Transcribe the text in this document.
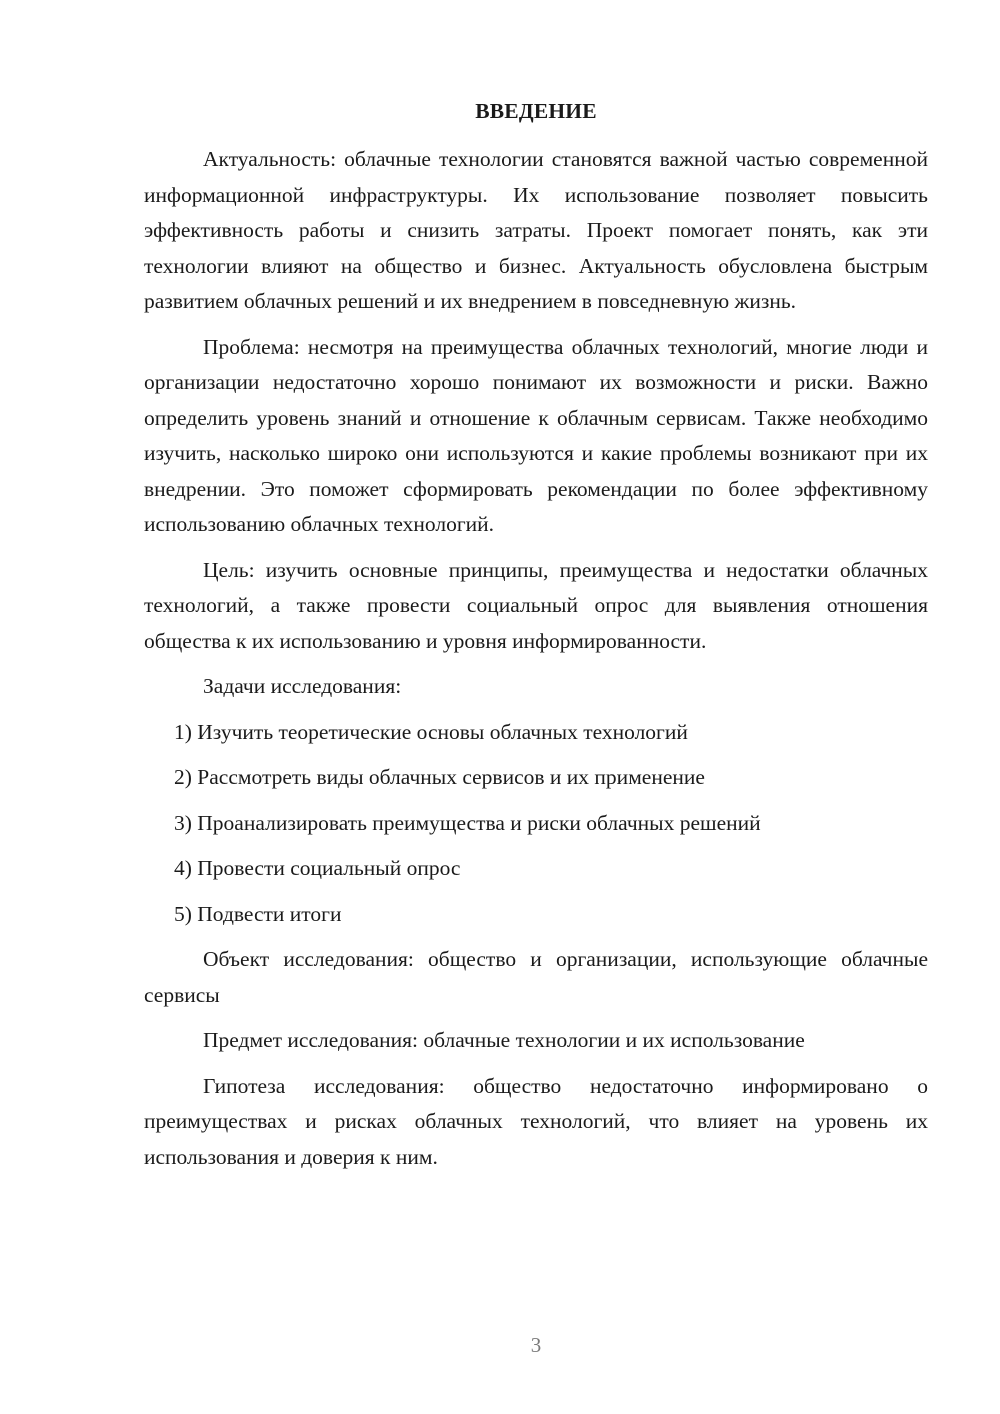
ВВЕДЕНИЕ

Актуальность: облачные технологии становятся важной частью современной информационной инфраструктуры. Их использование позволяет повысить эффективность работы и снизить затраты. Проект помогает понять, как эти технологии влияют на общество и бизнес. Актуальность обусловлена быстрым развитием облачных решений и их внедрением в повседневную жизнь.

Проблема: несмотря на преимущества облачных технологий, многие люди и организации недостаточно хорошо понимают их возможности и риски. Важно определить уровень знаний и отношение к облачным сервисам. Также необходимо изучить, насколько широко они используются и какие проблемы возникают при их внедрении. Это поможет сформировать рекомендации по более эффективному использованию облачных технологий.

Цель: изучить основные принципы, преимущества и недостатки облачных технологий, а также провести социальный опрос для выявления отношения общества к их использованию и уровня информированности.

Задачи исследования:

1) Изучить теоретические основы облачных технологий
2) Рассмотреть виды облачных сервисов и их применение
3) Проанализировать преимущества и риски облачных решений
4) Провести социальный опрос
5) Подвести итоги

Объект исследования: общество и организации, использующие облачные сервисы

Предмет исследования: облачные технологии и их использование

Гипотеза исследования: общество недостаточно информировано о преимуществах и рисках облачных технологий, что влияет на уровень их использования и доверия к ним.

3
